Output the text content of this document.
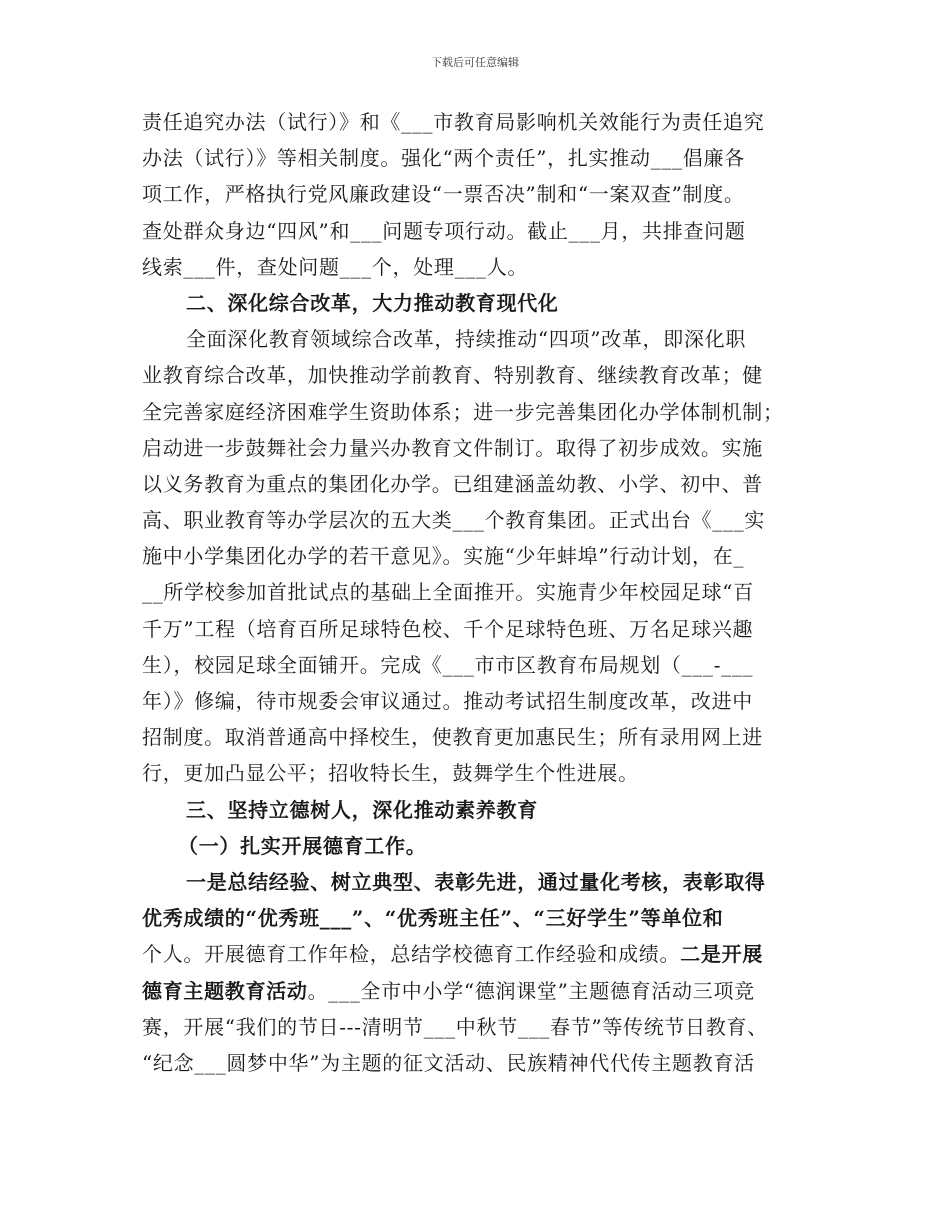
下载后可任意编辑
责任追究办法（试行）》和《___市教育局影响机关效能行为责任追究
办法（试行）》等相关制度。强化“两个责任”，扎实推动___倡廉各
项工作，严格执行党风廉政建设“一票否决”制和“一案双查”制度。
查处群众身边“四风”和___问题专项行动。截止___月，共排查问题
线索___件，查处问题___个，处理___人。
二、深化综合改革，大力推动教育现代化
全面深化教育领域综合改革，持续推动“四项”改革，即深化职
业教育综合改革，加快推动学前教育、特别教育、继续教育改革；健
全完善家庭经济困难学生资助体系；进一步完善集团化办学体制机制；
启动进一步鼓舞社会力量兴办教育文件制订。取得了初步成效。实施
以义务教育为重点的集团化办学。已组建涵盖幼教、小学、初中、普
高、职业教育等办学层次的五大类___个教育集团。正式出台《___实
施中小学集团化办学的若干意见》。实施“少年蚌埠”行动计划，在_
__所学校参加首批试点的基础上全面推开。实施青少年校园足球“百
千万”工程（培育百所足球特色校、千个足球特色班、万名足球兴趣
生），校园足球全面铺开。完成《___市市区教育布局规划（___-___
年）》修编，待市规委会审议通过。推动考试招生制度改革，改进中
招制度。取消普通高中择校生，使教育更加惠民生；所有录用网上进
行，更加凸显公平；招收特长生，鼓舞学生个性进展。
三、坚持立德树人，深化推动素养教育
（一）扎实开展德育工作。
一是总结经验、树立典型、表彰先进，通过量化考核，表彰取得
优秀成绩的“优秀班___”、“优秀班主任”、“三好学生”等单位和
个人。开展德育工作年检，总结学校德育工作经验和成绩。二是开展
德育主题教育活动。___全市中小学“德润课堂”主题德育活动三项竞
赛，开展“我们的节日---清明节___中秋节___春节”等传统节日教育、
“纪念___圆梦中华”为主题的征文活动、民族精神代代传主题教育活
